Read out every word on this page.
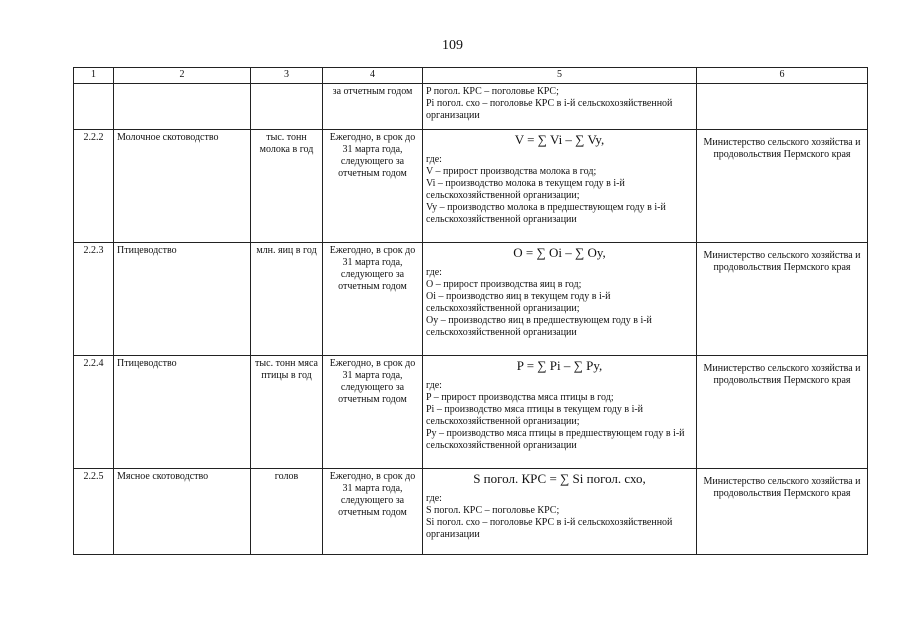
109
1	2	3	4	5	6
			за отчетным годом	P погол. КРС – поголовье КРС;
Pi погол. схо – поголовье КРС в i-й сельскохозяйственной организации	

2.2.2	Молочное скотоводство	тыс. тонн молока в год	Ежегодно, в срок до 31 марта года, следующего за отчетным годом	V = ∑ Vi – ∑ Vy,
где:
V – прирост производства молока в год;
Vi – производство молока в текущем году в i-й сельскохозяйственной организации;
Vy – производство молока в предшествующем году в i-й сельскохозяйственной организации	Министерство сельского хозяйства и продовольствия Пермского края
2.2.3	Птицеводство	млн. яиц в год	Ежегодно, в срок до 31 марта года, следующего за отчетным годом	O = ∑ Oi – ∑ Oy,
где:
O – прирост производства яиц в год;
Oi – производство яиц в текущем году в i-й сельскохозяйственной организации;
Oy – производство яиц в предшествующем году в i-й сельскохозяйственной организации	Министерство сельского хозяйства и продовольствия Пермского края
2.2.4	Птицеводство	тыс. тонн мяса птицы в год	Ежегодно, в срок до 31 марта года, следующего за отчетным годом	P = ∑ Pi – ∑ Py,
где:
P – прирост производства мяса птицы в год;
Pi – производство мяса птицы в текущем году в i-й сельскохозяйственной организации;
Py – производство мяса птицы в предшествующем году в i-й сельскохозяйственной организации	Министерство сельского хозяйства и продовольствия Пермского края
2.2.5	Мясное скотоводство	голов	Ежегодно, в срок до 31 марта года, следующего за отчетным годом	S погол. КРС = ∑ Si погол. схо,
где:
S погол. КРС – поголовье КРС;
Si погол. схо – поголовье КРС в i-й сельскохозяйственной организации	Министерство сельского хозяйства и продовольствия Пермского края
